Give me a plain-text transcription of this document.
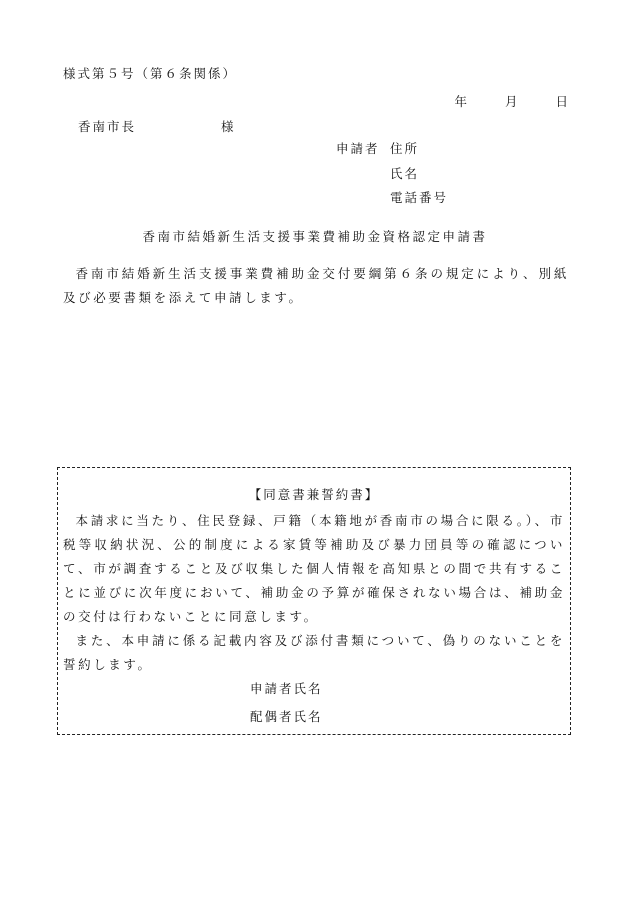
様式第５号（第６条関係）
年	月	日
香南市長	様
申請者 住所
氏名
電話番号
香南市結婚新生活支援事業費補助金資格認定申請書

香南市結婚新生活支援事業費補助金交付要綱第６条の規定により、別紙及び必要書類を添えて申請します。

【同意書兼誓約書】

本請求に当たり、住民登録、戸籍（本籍地が香南市の場合に限る。）、市税等収納状況、公的制度による家賃等補助及び暴力団員等の確認について、市が調査すること及び収集した個人情報を高知県との間で共有することに並びに次年度において、補助金の予算が確保されない場合は、補助金の交付は行わないことに同意します。

また、本申請に係る記載内容及び添付書類について、偽りのないことを誓約します。

申請者氏名
配偶者氏名
